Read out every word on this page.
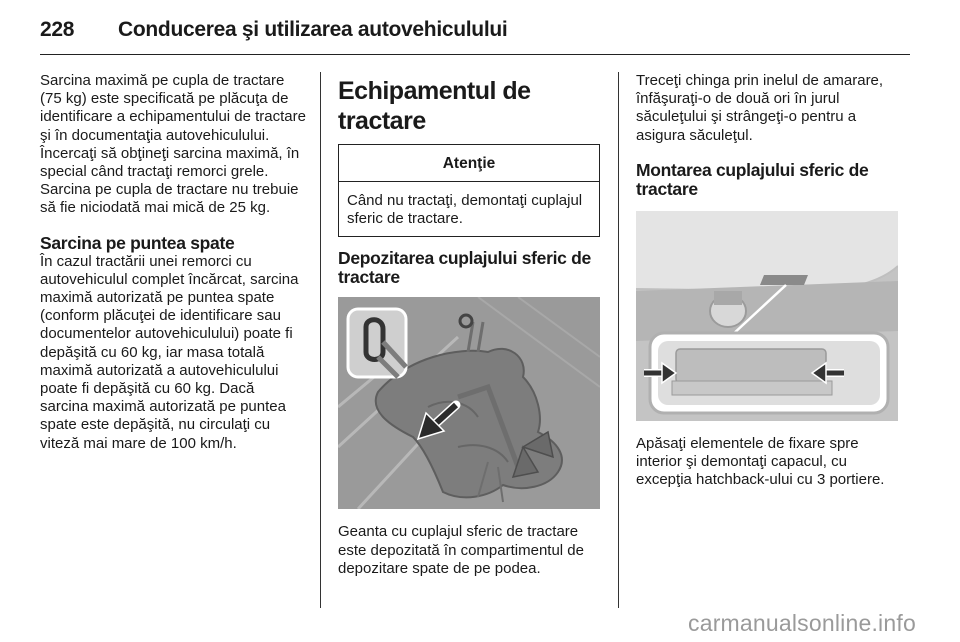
228 Conducerea şi utilizarea autovehiculului

Sarcina maximă pe cupla de tractare (75 kg) este specificată pe plăcuţa de identificare a echipamentului de tractare şi în documentaţia autovehiculului. Încercaţi să obţineţi sarcina maximă, în special când tractaţi remorci grele. Sarcina pe cupla de tractare nu trebuie să fie niciodată mai mică de 25 kg.

Sarcina pe puntea spate

În cazul tractării unei remorci cu autovehiculul complet încărcat, sarcina maximă autorizată pe puntea spate (conform plăcuţei de identificare sau documentelor autovehiculului) poate fi depăşită cu 60 kg, iar masa totală maximă autorizată a autovehiculului poate fi depăşită cu 60 kg. Dacă sarcina maximă autorizată pe puntea spate este depăşită, nu circulaţi cu viteză mai mare de 100 km/h.

Echipamentul de tractare
Atenţie
Când nu tractaţi, demontaţi cuplajul sferic de tractare.
Depozitarea cuplajului sferic de tractare

Geanta cu cuplajul sferic de tractare este depozitată în compartimentul de depozitare spate de pe podea.

Treceţi chinga prin inelul de amarare, înfăşuraţi-o de două ori în jurul săculeţului şi strângeţi-o pentru a asigura săculeţul.

Montarea cuplajului sferic de tractare

Apăsaţi elementele de fixare spre interior şi demontaţi capacul, cu excepţia hatchback-ului cu 3 portiere.

carmanualsonline.info
